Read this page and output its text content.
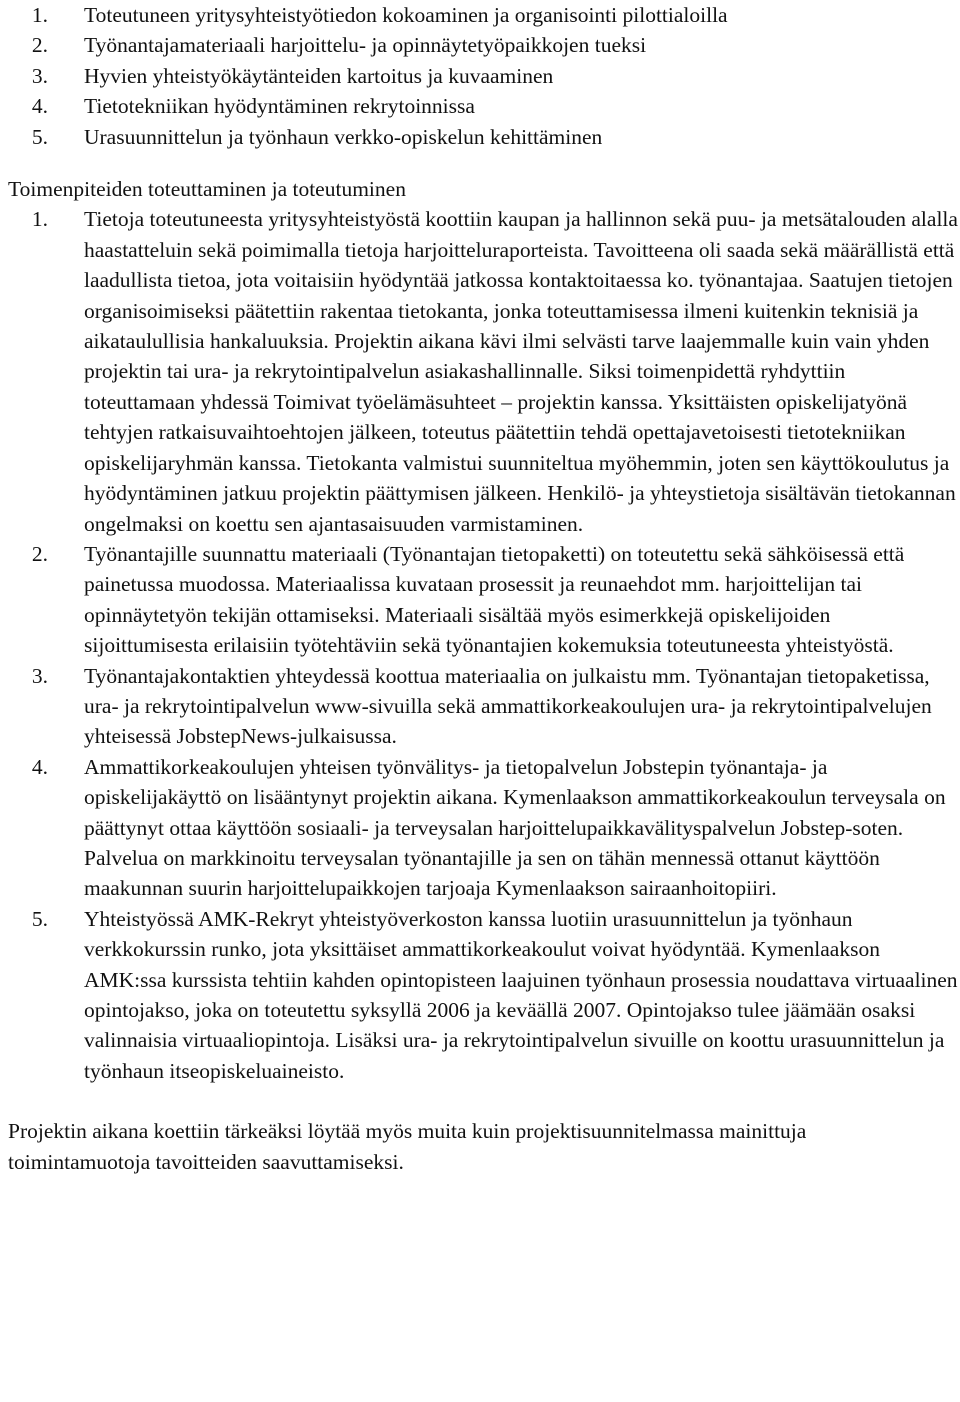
1.	Toteutuneen yritysyhteistyötiedon kokoaminen ja organisointi pilottialoilla
2.	Työnantajamateriaali harjoittelu- ja opinnäytetyöpaikkojen tueksi
3.	Hyvien yhteistyökäytänteiden kartoitus ja kuvaaminen
4.	Tietotekniikan hyödyntäminen rekrytoinnissa
5.	Urasuunnittelun ja työnhaun verkko-opiskelun kehittäminen
Toimenpiteiden toteuttaminen ja toteutuminen
1.	Tietoja toteutuneesta yritysyhteistyöstä koottiin kaupan ja hallinnon sekä puu- ja metsätalouden alalla haastatteluin sekä poimimalla tietoja harjoitteluraporteista. Tavoitteena oli saada sekä määrällistä että laadullista tietoa, jota voitaisiin hyödyntää jatkossa kontaktoitaessa ko. työnantajaa. Saatujen tietojen organisoimiseksi päätettiin rakentaa tietokanta, jonka toteuttamisessa ilmeni kuitenkin teknisiä ja aikataulullisia hankaluuksia. Projektin aikana kävi ilmi selvästi tarve laajemmalle kuin vain yhden projektin tai ura- ja rekrytointipalvelun asiakashallinnalle. Siksi toimenpidettä ryhdyttiin toteuttamaan yhdessä Toimivat työelämäsuhteet – projektin kanssa. Yksittäisten opiskelijatyönä tehtyjen ratkaisuvaihtoehtojen jälkeen, toteutus päätettiin tehdä opettajavetoisesti tietotekniikan opiskelijaryhmän kanssa. Tietokanta valmistui suunniteltua myöhemmin, joten sen käyttökoulutus ja hyödyntäminen jatkuu projektin päättymisen jälkeen. Henkilö- ja yhteystietoja sisältävän tietokannan ongelmaksi on koettu sen ajantasaisuuden varmistaminen.
2.	Työnantajille suunnattu materiaali (Työnantajan tietopaketti) on toteutettu sekä sähköisessä että painetussa muodossa. Materiaalissa kuvataan prosessit ja reunaehdot mm. harjoittelijan tai opinnäytetyön tekijän ottamiseksi. Materiaali sisältää myös esimerkkejä opiskelijoiden sijoittumisesta erilaisiin työtehtäviin sekä työnantajien kokemuksia toteutuneesta yhteistyöstä.
3.	Työnantajakontaktien yhteydessä koottua materiaalia on julkaistu mm. Työnantajan tietopaketissa, ura- ja rekrytointipalvelun www-sivuilla sekä ammattikorkeakoulujen ura- ja rekrytointipalvelujen yhteisessä JobstepNews-julkaisussa.
4.	Ammattikorkeakoulujen yhteisen työnvälitys- ja tietopalvelun Jobstepin työnantaja- ja opiskelijakäyttö on lisääntynyt projektin aikana. Kymenlaakson ammattikorkeakoulun terveysala on päättynyt ottaa käyttöön sosiaali- ja terveysalan harjoittelupaikkavälityspalvelun Jobstep-soten. Palvelua on markkinoitu terveysalan työnantajille ja sen on tähän mennessä ottanut käyttöön maakunnan suurin harjoittelupaikkojen tarjoaja Kymenlaakson sairaanhoitopiiri.
5.	Yhteistyössä AMK-Rekryt yhteistyöverkoston kanssa luotiin urasuunnittelun ja työnhaun verkkokurssin runko, jota yksittäiset ammattikorkeakoulut voivat hyödyntää. Kymenlaakson AMK:ssa kurssista tehtiin kahden opintopisteen laajuinen työnhaun prosessia noudattava virtuaalinen opintojakso, joka on toteutettu syksyllä 2006 ja keväällä 2007. Opintojakso tulee jäämään osaksi valinnaisia virtuaaliopintoja. Lisäksi ura- ja rekrytointipalvelun sivuille on koottu urasuunnittelun ja työnhaun itseopiskeluaineisto.
Projektin aikana koettiin tärkeäksi löytää myös muita kuin projektisuunnitelmassa mainittuja toimintamuotoja tavoitteiden saavuttamiseksi.
